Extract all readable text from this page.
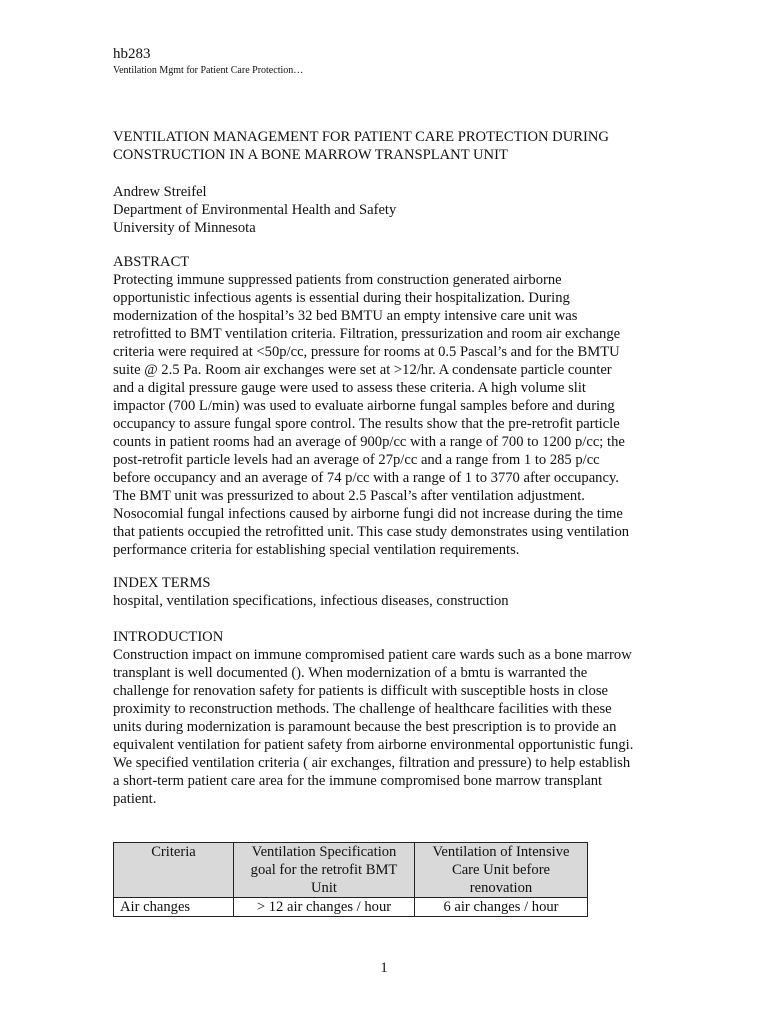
hb283
Ventilation Mgmt for Patient Care Protection…
VENTILATION MANAGEMENT FOR PATIENT CARE PROTECTION DURING
CONSTRUCTION IN A BONE MARROW TRANSPLANT UNIT
Andrew Streifel
Department of Environmental Health and Safety
University of Minnesota
ABSTRACT
Protecting immune suppressed patients from construction generated airborne
opportunistic infectious agents is essential during their hospitalization. During
modernization of the hospital’s 32 bed BMTU an empty intensive care unit was
retrofitted to BMT ventilation criteria. Filtration, pressurization and room air exchange
criteria were required at <50p/cc, pressure for rooms at 0.5 Pascal’s and for the BMTU
suite @ 2.5 Pa. Room air exchanges were set at >12/hr. A condensate particle counter
and a digital pressure gauge were used to assess these criteria. A high volume slit
impactor (700 L/min) was used to evaluate airborne fungal samples before and during
occupancy to assure fungal spore control. The results show that the pre-retrofit particle
counts in patient rooms had an average of 900p/cc with a range of 700 to 1200 p/cc; the
post-retrofit particle levels had an average of 27p/cc and a range from 1 to 285 p/cc
before occupancy and an average of 74 p/cc with a range of 1 to 3770 after occupancy.
The BMT unit was pressurized to about 2.5 Pascal’s after ventilation adjustment.
Nosocomial fungal infections caused by airborne fungi did not increase during the time
that patients occupied the retrofitted unit. This case study demonstrates using ventilation
performance criteria for establishing special ventilation requirements.
INDEX TERMS
hospital, ventilation specifications, infectious diseases, construction
INTRODUCTION
Construction impact on immune compromised patient care wards such as a bone marrow
transplant is well documented (). When modernization of a bmtu is warranted the
challenge for renovation safety for patients is difficult with susceptible hosts in close
proximity to reconstruction methods. The challenge of healthcare facilities with these
units during modernization is paramount because the best prescription is to provide an
equivalent ventilation for patient safety from airborne environmental opportunistic fungi.
We specified ventilation criteria ( air exchanges, filtration and pressure) to help establish
a short-term patient care area for the immune compromised bone marrow transplant
patient.
Criteria	Ventilation Specification goal for the retrofit BMT Unit	Ventilation of Intensive Care Unit before renovation
Air changes	> 12 air changes / hour	6 air changes / hour
1
